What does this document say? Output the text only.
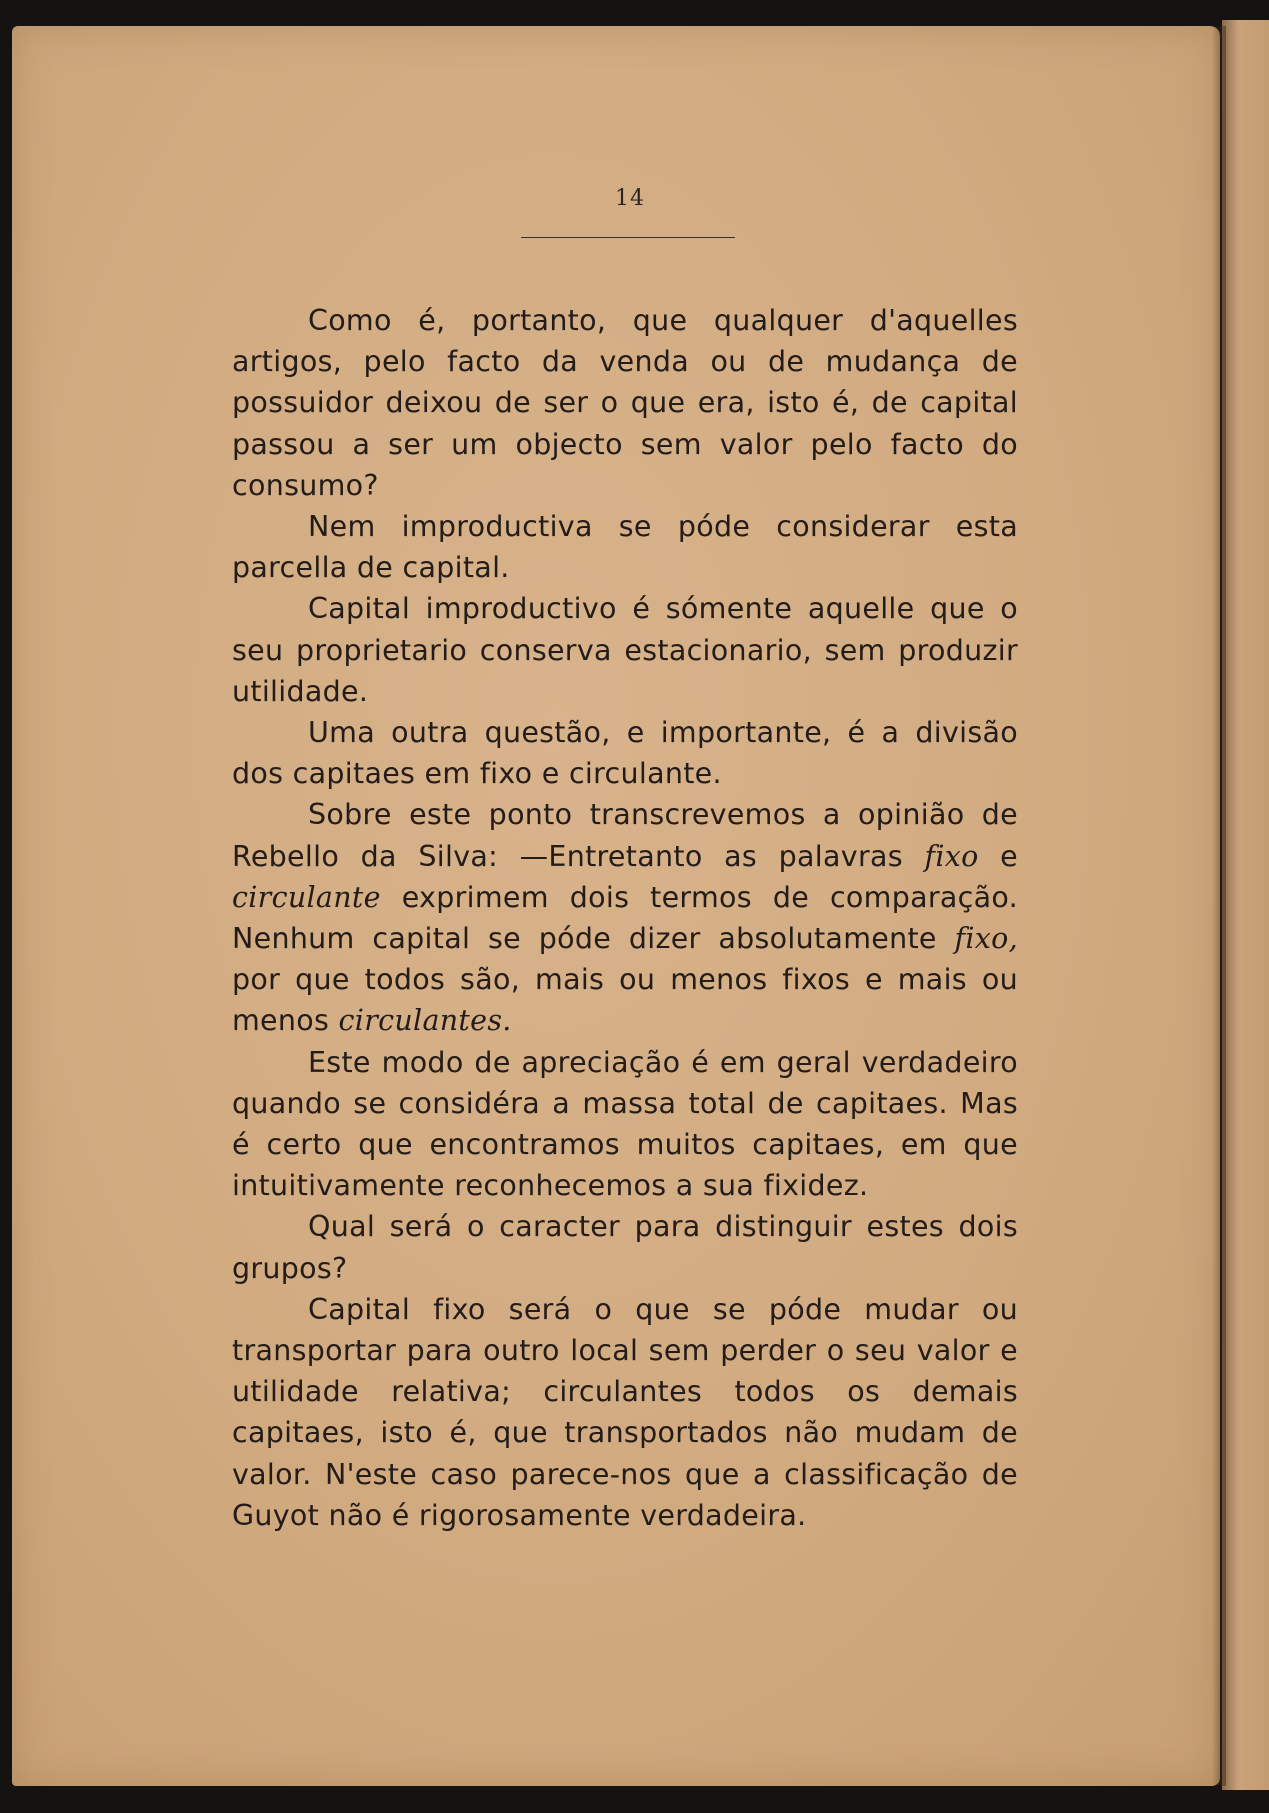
14

Como é, portanto, que qualquer d'aquelles artigos, pelo facto da venda ou de mudança de possuidor deixou de ser o que era, isto é, de capital passou a ser um objecto sem valor pelo facto do consumo?

Nem improductiva se póde considerar esta parcella de capital.

Capital improductivo é sómente aquelle que o seu proprietario conserva estacionario, sem produzir utilidade.

Uma outra questão, e importante, é a divisão dos capitaes em fixo e circulante.

Sobre este ponto transcrevemos a opinião de Rebello da Silva: —Entretanto as palavras fixo e circulante exprimem dois termos de comparação. Nenhum capital se póde dizer absolutamente fixo, por que todos são, mais ou menos fixos e mais ou menos circulantes.

Este modo de apreciação é em geral verdadeiro quando se considéra a massa total de capitaes. Mas é certo que encontramos muitos capitaes, em que intuitivamente reconhecemos a sua fixidez.

Qual será o caracter para distinguir estes dois grupos?

Capital fixo será o que se póde mudar ou transportar para outro local sem perder o seu valor e utilidade relativa; circulantes todos os demais capitaes, isto é, que transportados não mudam de valor. N'este caso parece-nos que a classificação de Guyot não é rigorosamente verdadeira.
